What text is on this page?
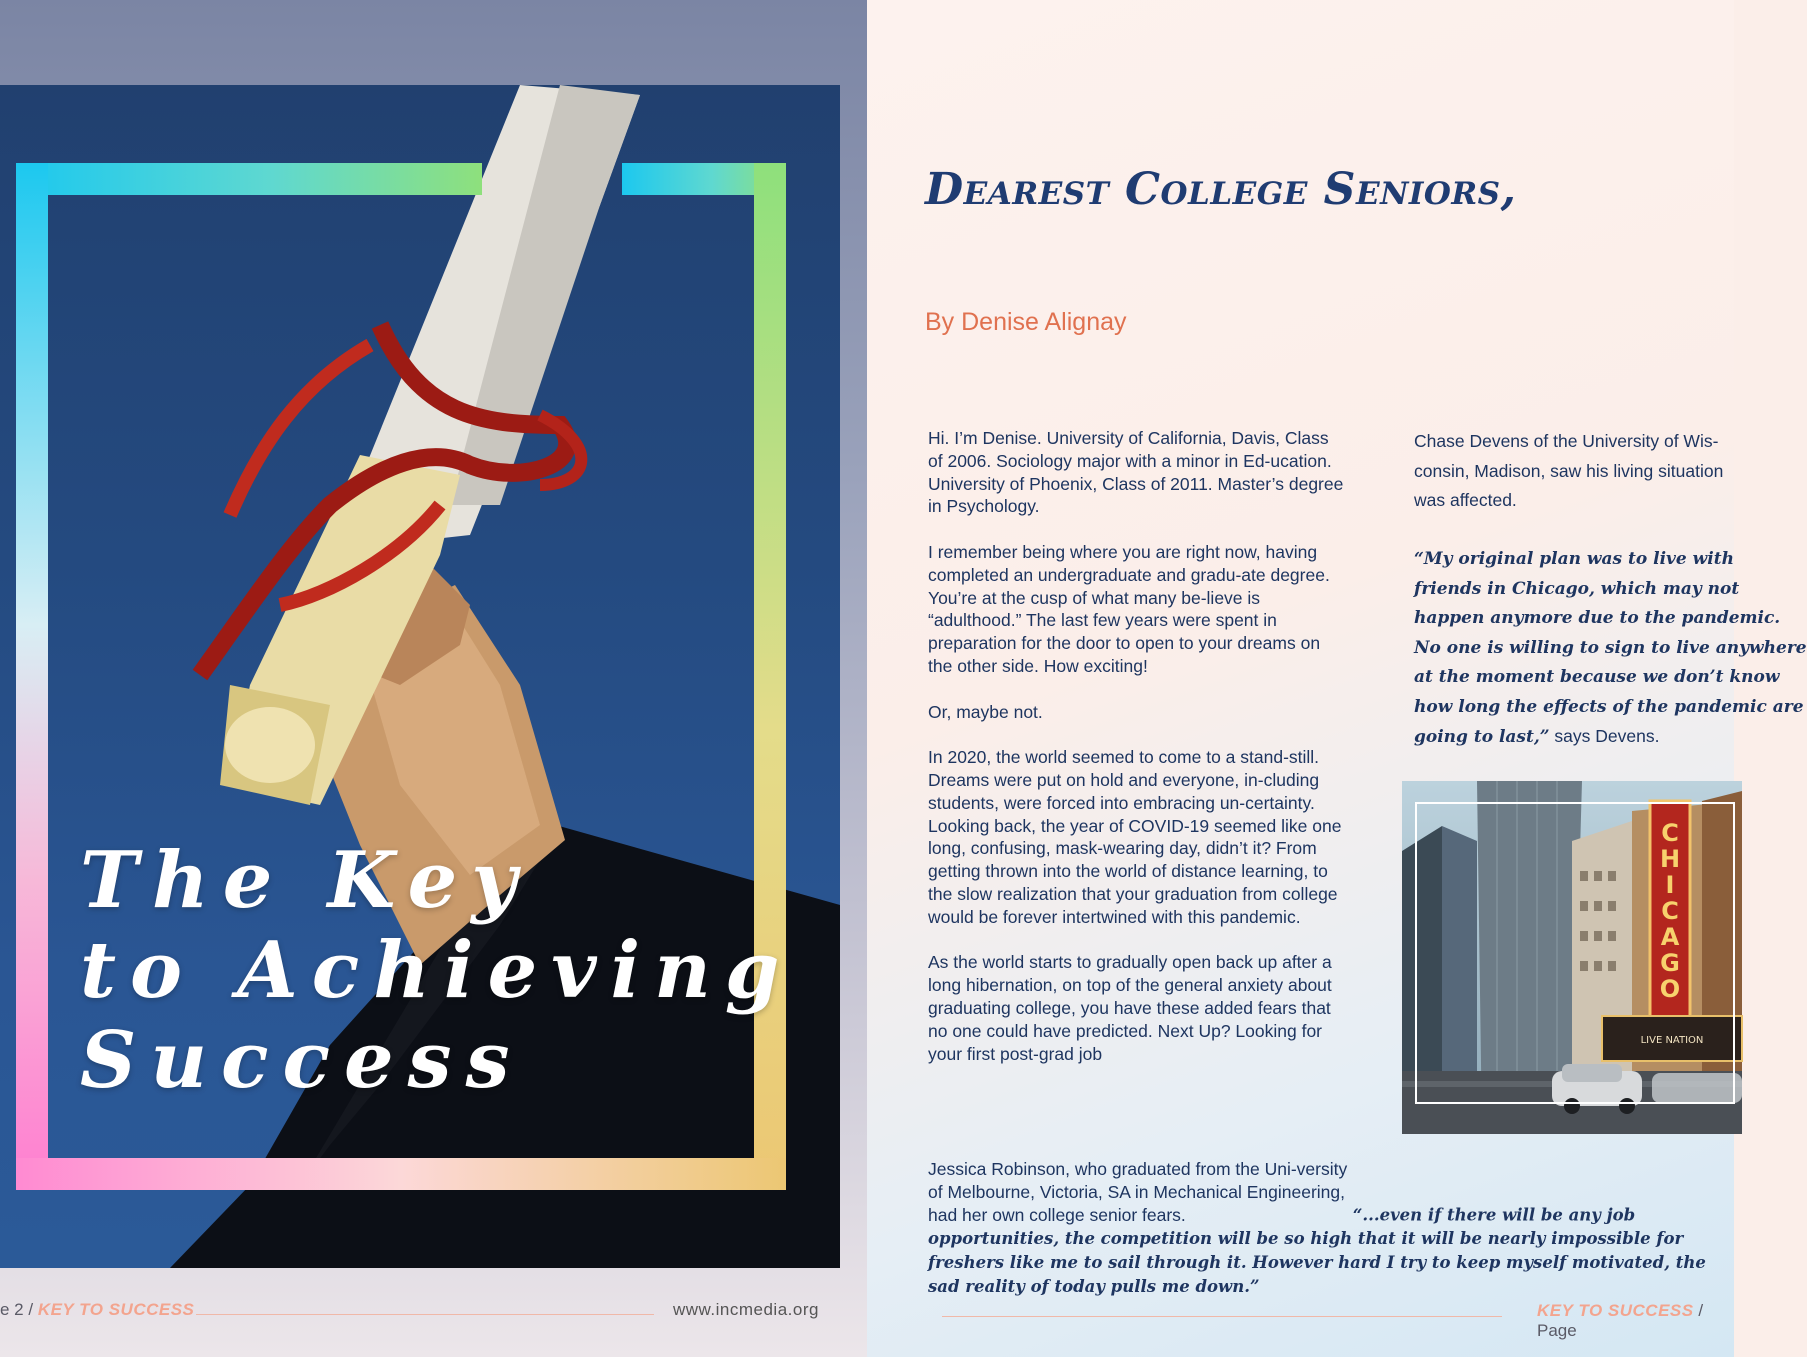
The Key
to Achieving
Success
e 2 / KEY TO SUCCESS	www.incmedia.org
Dearest College Seniors,
By Denise Alignay

Hi. I’m Denise. University of California, Davis, Class of 2006. Sociology major with a minor in Ed-ucation. University of Phoenix, Class of 2011. Master’s degree in Psychology.

I remember being where you are right now, having completed an undergraduate and gradu-ate degree. You’re at the cusp of what many be-lieve is “adulthood.” The last few years were spent in preparation for the door to open to your dreams on the other side. How exciting!

Or, maybe not.

In 2020, the world seemed to come to a stand-still. Dreams were put on hold and everyone, in-cluding students, were forced into embracing un-certainty. Looking back, the year of COVID-19 seemed like one long, confusing, mask-wearing day, didn’t it? From getting thrown into the world of distance learning, to the slow realization that your graduation from college would be forever intertwined with this pandemic.

As the world starts to gradually open back up after a long hibernation, on top of the general anxiety about graduating college, you have these added fears that no one could have predicted. Next Up? Looking for your first post-grad job

Jessica Robinson, who graduated from the Uni-versity of Melbourne, Victoria, SA in Mechanical Engineering, had her own college senior fears.	“...even if there will be any job opportunities, the competition will be so high that it will be nearly impossible for freshers like me to sail through it. However hard I try to keep myself motivated, the sad reality of today pulls me down.”
Chase Devens of the University of Wis-
consin, Madison, saw his living situation
was affected.
“My original plan was to live with
friends in Chicago, which may not
happen anymore due to the pandemic.
No one is willing to sign to live anywhere
at the moment because we don’t know
how long the effects of the pandemic are
going to last,” says Devens.
C H I C A G O
LIVE NATION
KEY TO SUCCESS / Page
